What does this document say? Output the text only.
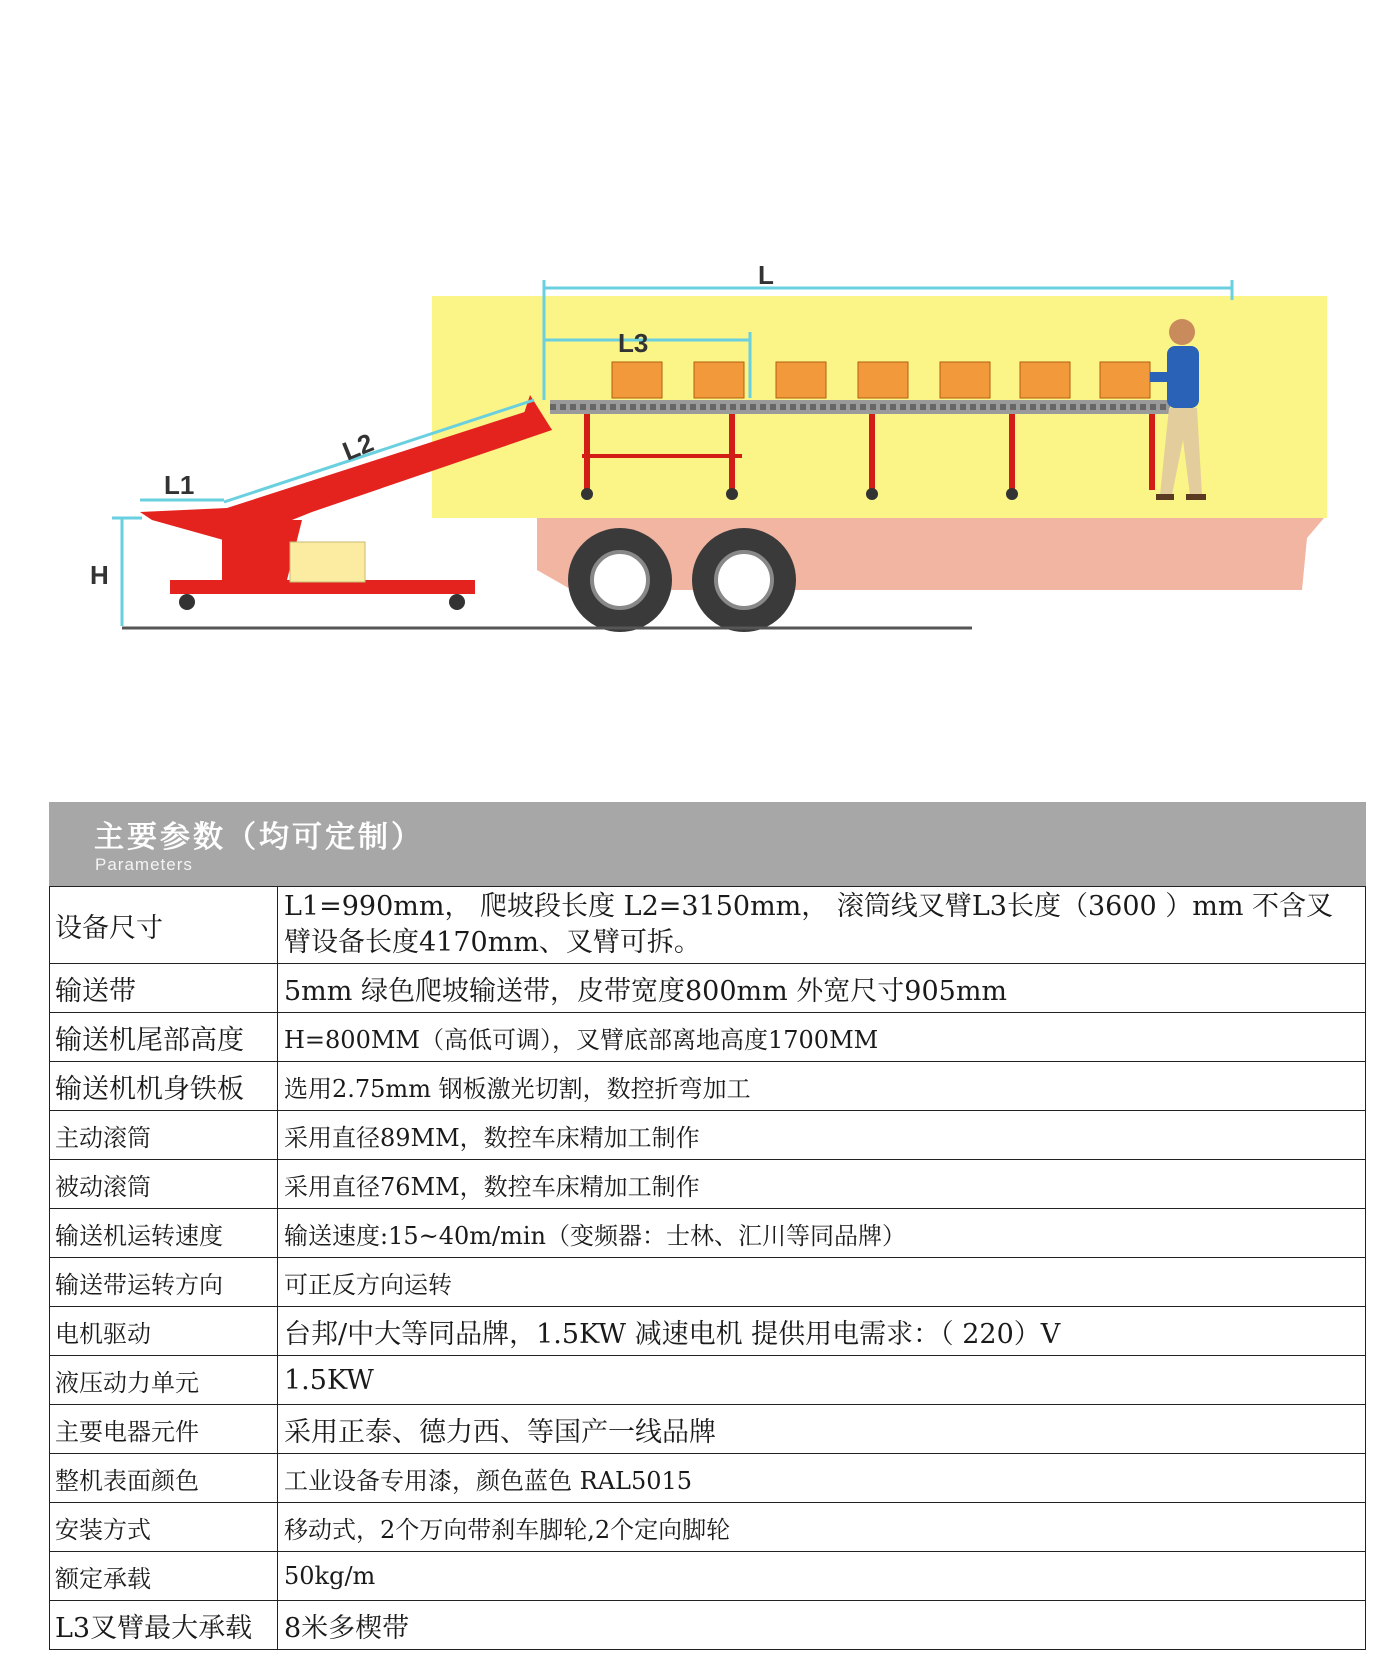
L
L3
L2
L1
H
主要参数（均可定制）
Parameters
设备尺寸	L1=990mm， 爬坡段长度 L2=3150mm， 滚筒线叉臂L3长度（3600 ）mm 不含叉臂设备长度4170mm、叉臂可拆。
输送带	5mm 绿色爬坡输送带，皮带宽度800mm 外宽尺寸905mm
输送机尾部高度	H=800MM（高低可调），叉臂底部离地高度1700MM
输送机机身铁板	选用2.75mm 钢板激光切割，数控折弯加工
主动滚筒	采用直径89MM，数控车床精加工制作
被动滚筒	采用直径76MM，数控车床精加工制作
输送机运转速度	输送速度:15~40m/min（变频器：士林、汇川等同品牌）
输送带运转方向	可正反方向运转
电机驱动	台邦/中大等同品牌，1.5KW 减速电机 提供用电需求：（ 220）V
液压动力单元	1.5KW
主要电器元件	采用正泰、德力西、等国产一线品牌
整机表面颜色	工业设备专用漆，颜色蓝色 RAL5015
安装方式	移动式，2个万向带刹车脚轮,2个定向脚轮
额定承载	50kg/m
L3叉臂最大承载	8米多楔带
